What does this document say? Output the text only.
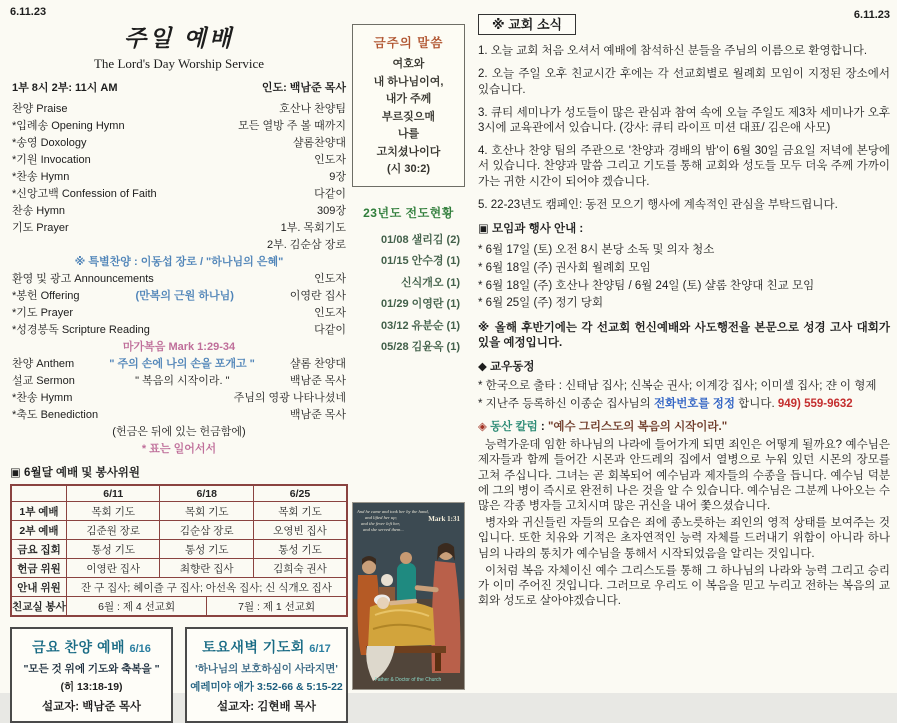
6.11.23
주일 예배
The Lord's Day Worship Service
1부 8시 2부: 11시 AM	인도: 백남준 목사
찬양 Praise	호산나 찬양팀
*입례송 Opening Hymn	모든 열방 주 볼 때까지
*송영 Doxology	샬롬찬양대
*기원 Invocation	인도자
*찬송 Hymn	9장
*신앙고백 Confession of Faith	다같이
찬송 Hymn	309장
기도 Prayer	1부. 목회기도
2부. 김순삼 장로
※ 특별찬양 : 이동섭 장로 / "하나님의 은혜"
환영 및 광고 Announcements	인도자
*봉헌 Offering	(만복의 근원 하나님)	이영란 집사
*기도 Prayer	인도자
*성경봉독 Scripture Reading	다같이
마가복음 Mark 1:29-34
찬양 Anthem	" 주의 손에 나의 손을 포개고 "	샬롬 찬양대
설교 Sermon	" 복음의 시작이라. "	백남준 목사
*찬송 Hymm	주님의 영광 나타나셨네
*축도 Benediction	백남준 목사
(헌금은 뒤에 있는 헌금함에)
* 표는 일어서서
▣ 6월달 예배 및 봉사위원
	6/11	6/18		6/25
1부 예배	목회 기도	목회 기도		목회 기도
2부 예배	김준원 장로	김순삼 장로		오영빈 집사
금요 집회	통성 기도	통성 기도		통성 기도
헌금 위원	이영란 집사	최향란 집사		김희숙 권사
안내 위원	잔 구 집사; 헤이즐 구 집사; 아선옥 집사; 신 식개오 집사			
친교실 봉사	6월 : 제 4 선교회		7월 : 제 1 선교회	
금요 찬양 예배 6/16
"모든 것 위에 기도와 축복을 "
(히 13:18-19)
설교자: 백남준 목사
토요새벽 기도회 6/17
'하나님의 보호하심이 사라지면'
예레미야 애가 3:52-66 & 5:15-22
설교자: 김현배 목사
금주의 말씀
여호와
내 하나님이여,
내가 주께
부르짖으매
나를
고치셨나이다
(시 30:2)
23년도 전도현황
01/08 샐리김 (2)
01/15 안수경 (1)
신식개오 (1)
01/29 이영란 (1)
03/12 유분순 (1)
05/28 김윤옥 (1)
And he came and took her by the hand,
and lifted her up;
and the fever left her,
and she served them...
Mark 1:31
Father & Doctor of the Church
6.11.23
※ 교회 소식

1. 오늘 교회 처음 오셔서 예배에 참석하신 분들을 주님의 이름으로 환영합니다.

2. 오늘 주일 오후 친교시간 후에는 각 선교회별로 월례회 모임이 지정된 장소에서 있습니다.

3. 큐티 세미나가 성도들이 많은 관심과 참여 속에 오늘 주일도 제3차 세미나가 오후 3시에 교육관에서 있습니다. (강사: 큐티 라이프 미션 대표/ 김은애 사모)

4. 호산나 찬양 팀의 주관으로 '찬양과 경배의 밤'이 6월 30일 금요일 저녁에 본당에서 있습니다. 찬양과 말씀 그리고 기도를 통해 교회와 성도들 모두 더욱 주께 가까이 가는 귀한 시간이 되어야 겠습니다.

5. 22-23년도 캠페인: 동전 모으기 행사에 계속적인 관심을 부탁드립니다.

▣ 모임과 행사 안내 :

* 6월 17일 (토) 오전 8시 본당 소독 및 의자 청소

* 6월 18일 (주) 권사회 월례회 모임

* 6월 18일 (주) 호산나 찬양팀 / 6월 24일 (토) 샬롬 찬양대 친교 모임

* 6월 25일 (주) 정기 당회

※ 올해 후반기에는 각 선교회 헌신예배와 사도행전을 본문으로 성경 고사 대회가 있을 예정입니다.

◆ 교우동정

* 한국으로 출타 : 신태남 집사; 신복순 권사; 이계강 집사; 이미셀 집사; 쟌 이 형제

* 지난주 등록하신 이종순 집사님의 전화번호를 정정 합니다. 949) 559-9632

◈ 동산 칼럼 : "예수 그리스도의 복음의 시작이라."

능력가운데 임한 하나님의 나라에 들어가게 되면 죄인은 어떻게 될까요? 예수님은 제자들과 함께 들어간 시몬과 안드레의 집에서 열병으로 누워 있던 시몬의 장모를 고쳐 주십니다. 그녀는 곧 회복되어 예수님과 제자들의 수종을 듭니다. 예수님 덕분에 그의 병이 즉시로 완전히 나은 것을 알 수 있습니다. 예수님은 그분께 나아오는 수많은 각종 병자들 고치시며 많은 귀신을 내어 쫓으셨습니다.

병자와 귀신들린 자들의 모습은 죄에 종노릇하는 죄인의 영적 상태를 보여주는 것입니다. 또한 치유와 기적은 초자연적인 능력 자체를 드러내기 위함이 아니라 하나님의 나라의 통치가 예수님을 통해서 시작되었음을 알리는 것입니다.

이처럼 복음 자체이신 예수 그리스도를 통해 그 하나님의 나라와 능력 그리고 승리가 이미 주어진 것입니다. 그러므로 우리도 이 복음을 믿고 누리고 전하는 복음의 교회와 성도로 살아야겠습니다.
